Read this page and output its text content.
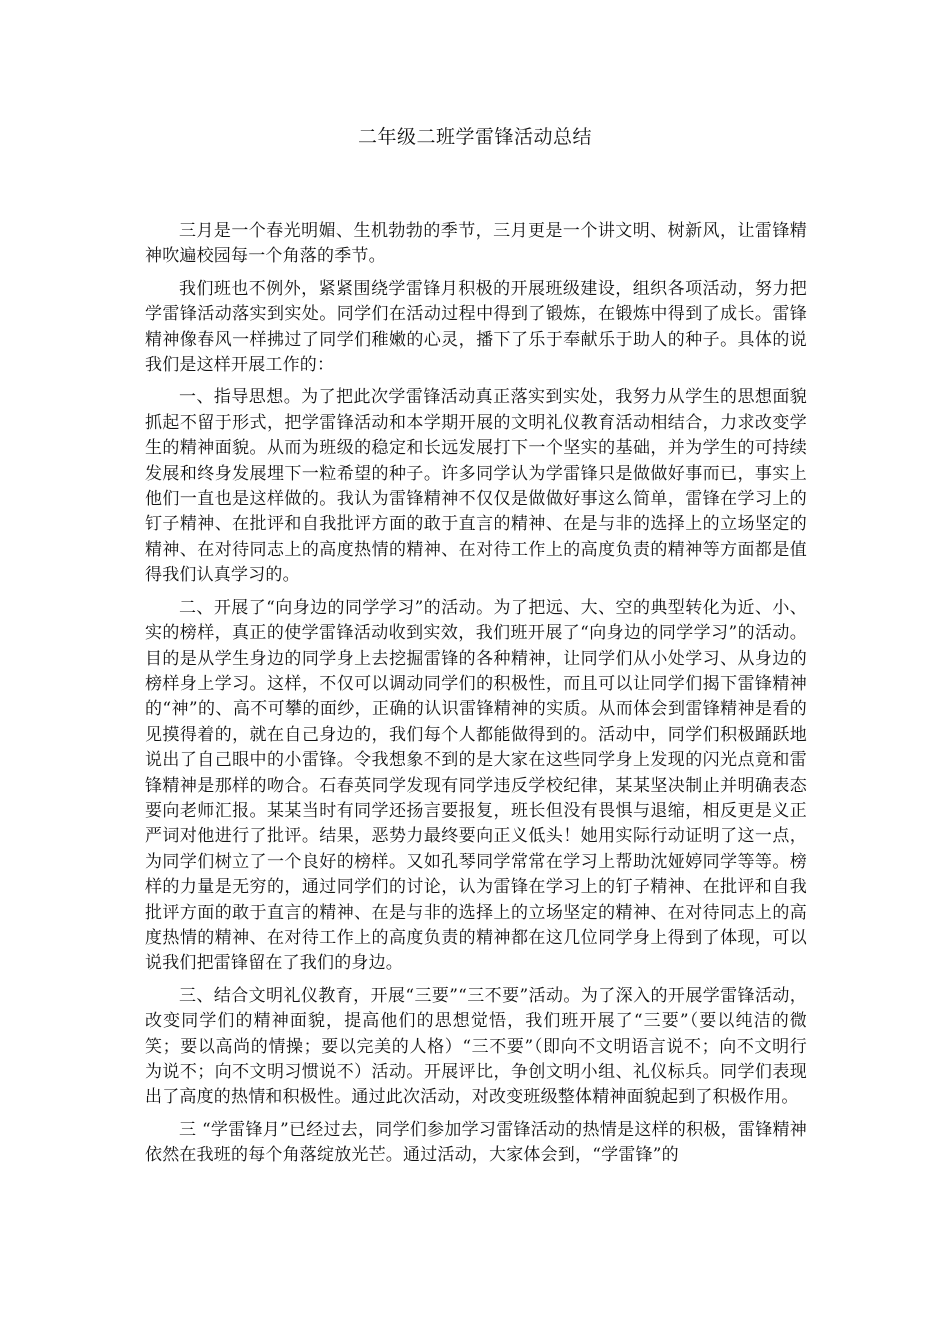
二年级二班学雷锋活动总结

三月是一个春光明媚、生机勃勃的季节，三月更是一个讲文明、树新风，让雷锋精神吹遍校园每一个角落的季节。

我们班也不例外，紧紧围绕学雷锋月积极的开展班级建设，组织各项活动，努力把学雷锋活动落实到实处。同学们在活动过程中得到了锻炼，在锻炼中得到了成长。雷锋精神像春风一样拂过了同学们稚嫩的心灵，播下了乐于奉献乐于助人的种子。具体的说我们是这样开展工作的：

一、指导思想。为了把此次学雷锋活动真正落实到实处，我努力从学生的思想面貌抓起不留于形式，把学雷锋活动和本学期开展的文明礼仪教育活动相结合，力求改变学生的精神面貌。从而为班级的稳定和长远发展打下一个坚实的基础，并为学生的可持续发展和终身发展埋下一粒希望的种子。许多同学认为学雷锋只是做做好事而已，事实上他们一直也是这样做的。我认为雷锋精神不仅仅是做做好事这么简单，雷锋在学习上的钉子精神、在批评和自我批评方面的敢于直言的精神、在是与非的选择上的立场坚定的精神、在对待同志上的高度热情的精神、在对待工作上的高度负责的精神等方面都是值得我们认真学习的。

二、开展了“向身边的同学学习”的活动。为了把远、大、空的典型转化为近、小、实的榜样，真正的使学雷锋活动收到实效，我们班开展了“向身边的同学学习”的活动。目的是从学生身边的同学身上去挖掘雷锋的各种精神，让同学们从小处学习、从身边的榜样身上学习。这样，不仅可以调动同学们的积极性，而且可以让同学们揭下雷锋精神的“神”的、高不可攀的面纱，正确的认识雷锋精神的实质。从而体会到雷锋精神是看的见摸得着的，就在自己身边的，我们每个人都能做得到的。活动中，同学们积极踊跃地说出了自己眼中的小雷锋。令我想象不到的是大家在这些同学身上发现的闪光点竟和雷锋精神是那样的吻合。石春英同学发现有同学违反学校纪律，某某坚决制止并明确表态要向老师汇报。某某当时有同学还扬言要报复，班长但没有畏惧与退缩，相反更是义正严词对他进行了批评。结果，恶势力最终要向正义低头！她用实际行动证明了这一点，为同学们树立了一个良好的榜样。又如孔琴同学常常在学习上帮助沈娅婷同学等等。榜样的力量是无穷的，通过同学们的讨论，认为雷锋在学习上的钉子精神、在批评和自我批评方面的敢于直言的精神、在是与非的选择上的立场坚定的精神、在对待同志上的高度热情的精神、在对待工作上的高度负责的精神都在这几位同学身上得到了体现，可以说我们把雷锋留在了我们的身边。

三、结合文明礼仪教育，开展“三要”“三不要”活动。为了深入的开展学雷锋活动，改变同学们的精神面貌，提高他们的思想觉悟，我们班开展了“三要”（要以纯洁的微笑；要以高尚的情操；要以完美的人格）“三不要”（即向不文明语言说不；向不文明行为说不；向不文明习惯说不）活动。开展评比，争创文明小组、礼仪标兵。同学们表现出了高度的热情和积极性。通过此次活动，对改变班级整体精神面貌起到了积极作用。

三 “学雷锋月”已经过去，同学们参加学习雷锋活动的热情是这样的积极，雷锋精神依然在我班的每个角落绽放光芒。通过活动，大家体会到，“学雷锋”的
